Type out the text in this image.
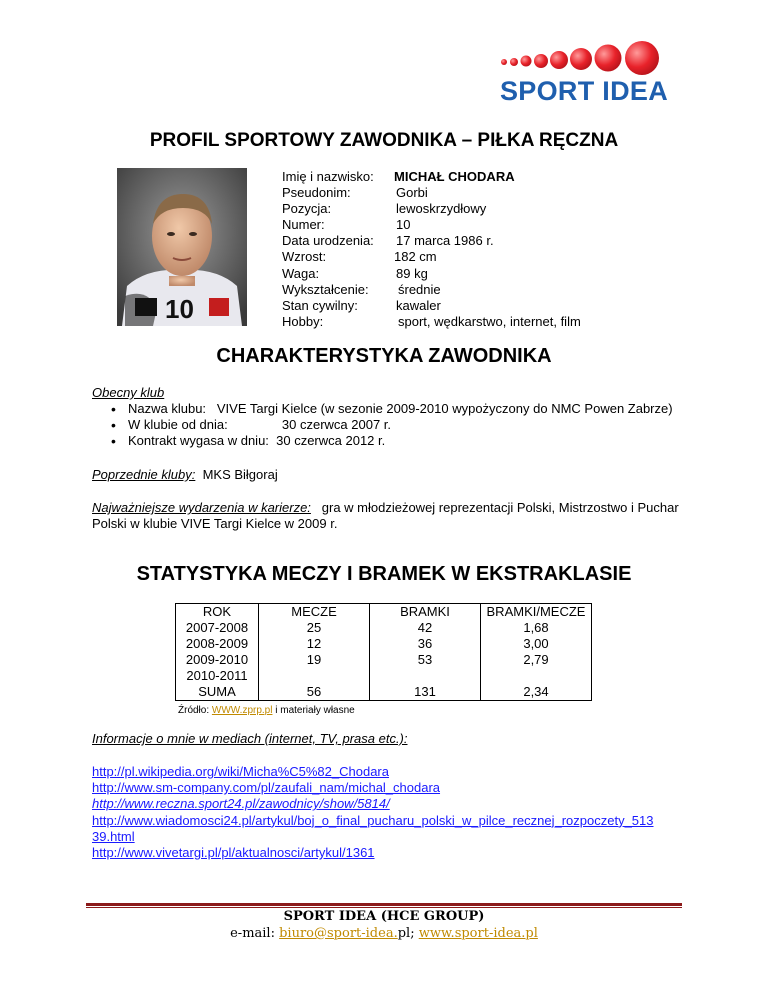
SPORT IDEA
PROFIL SPORTOWY ZAWODNIKA – PIŁKA RĘCZNA
10
Imię i nazwisko: MICHAŁ CHODARA
Pseudonim:	Gorbi
Pozycja:	lewoskrzydłowy
Numer:	10
Data urodzenia: 17 marca 1986 r.
Wzrost:	182 cm
Waga:	89 kg
Wykształcenie: średnie
Stan cywilny:	kawaler
Hobby:	sport, wędkarstwo, internet, film
CHARAKTERYSTYKA ZAWODNIKA
Obecny klub
• Nazwa klubu:   VIVE Targi Kielce (w sezonie 2009-2010 wypożyczony do NMC Powen Zabrze)
• W klubie od dnia:               30 czerwca 2007 r.
• Kontrakt wygasa w dniu:  30 czerwca 2012 r.
Poprzednie kluby:  MKS Biłgoraj
Najważniejsze wydarzenia w karierze:   gra w młodzieżowej reprezentacji Polski, Mistrzostwo i Puchar
Polski w klubie VIVE Targi Kielce w 2009 r.
STATYSTYKA MECZY I BRAMEK W EKSTRAKLASIE
ROK	MECZE	BRAMKI	BRAMKI/MECZE
2007-2008	25	42	1,68
2008-2009	12	36	3,00
2009-2010	19	53	2,79
2010-2011			
SUMA	56	131	2,34
Źródło: WWW.zprp.pl i materiały własne
Informacje o mnie w mediach (internet, TV, prasa etc.):
http://pl.wikipedia.org/wiki/Micha%C5%82_Chodara
http://www.sm-company.com/pl/zaufali_nam/michal_chodara
http://www.reczna.sport24.pl/zawodnicy/show/5814/
http://www.wiadomosci24.pl/artykul/boj_o_final_pucharu_polski_w_pilce_recznej_rozpoczety_513
39.html
http://www.vivetargi.pl/pl/aktualnosci/artykul/1361
SPORT IDEA (HCE GROUP)
e-mail: biuro@sport-idea.pl; www.sport-idea.pl
